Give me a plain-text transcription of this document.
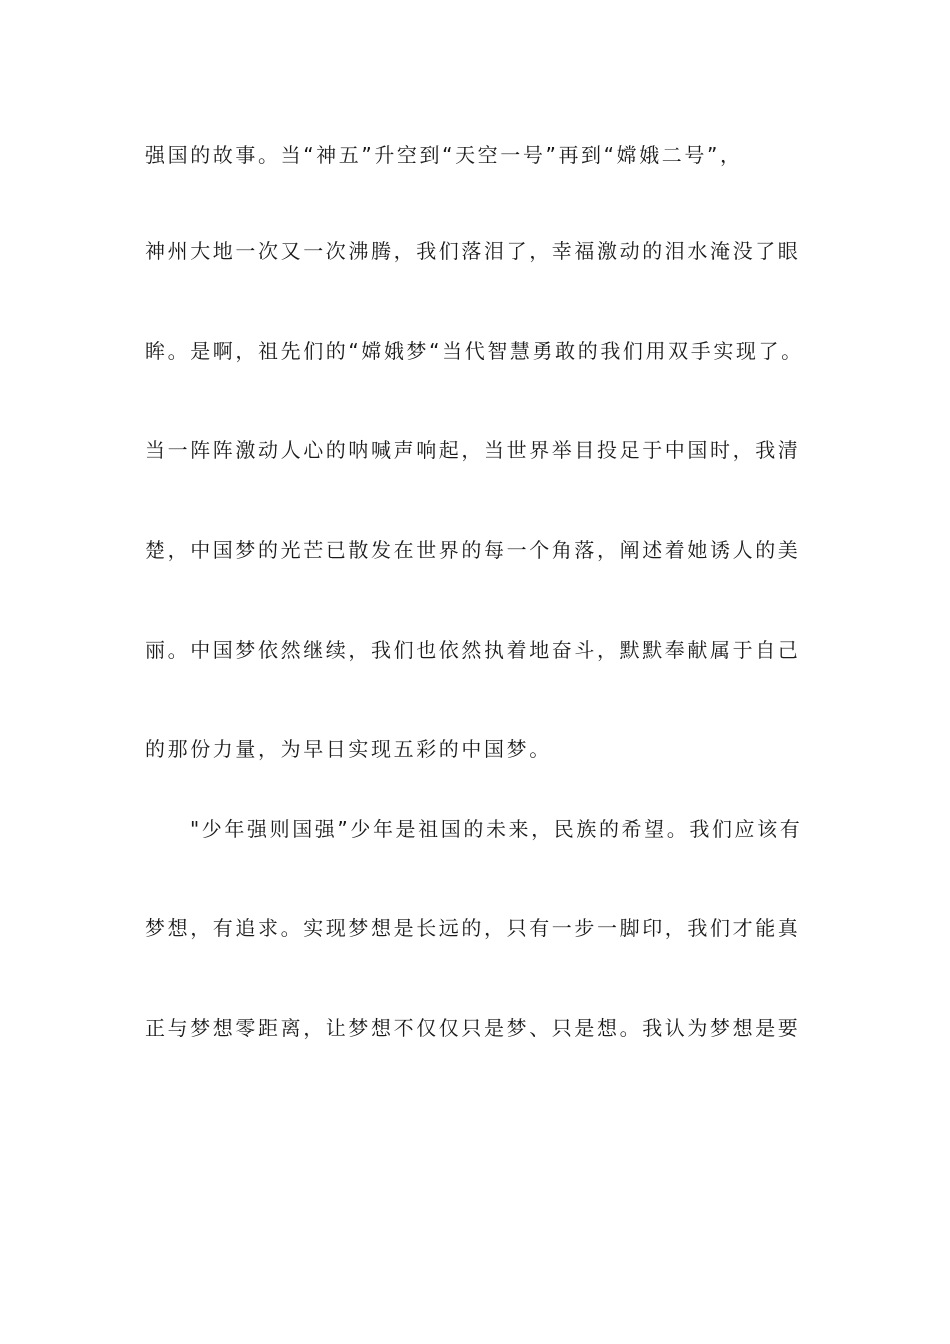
强国的故事。当“神五”升空到“天空一号”再到“嫦娥二号”，
神州大地一次又一次沸腾，我们落泪了，幸福激动的泪水淹没了眼
眸。是啊，祖先们的“嫦娥梦“当代智慧勇敢的我们用双手实现了。
当一阵阵激动人心的呐喊声响起，当世界举目投足于中国时，我清
楚，中国梦的光芒已散发在世界的每一个角落，阐述着她诱人的美
丽。中国梦依然继续，我们也依然执着地奋斗，默默奉献属于自己
的那份力量，为早日实现五彩的中国梦。
"少年强则国强”少年是祖国的未来，民族的希望。我们应该有
梦想，有追求。实现梦想是长远的，只有一步一脚印，我们才能真
正与梦想零距离，让梦想不仅仅只是梦、只是想。我认为梦想是要
